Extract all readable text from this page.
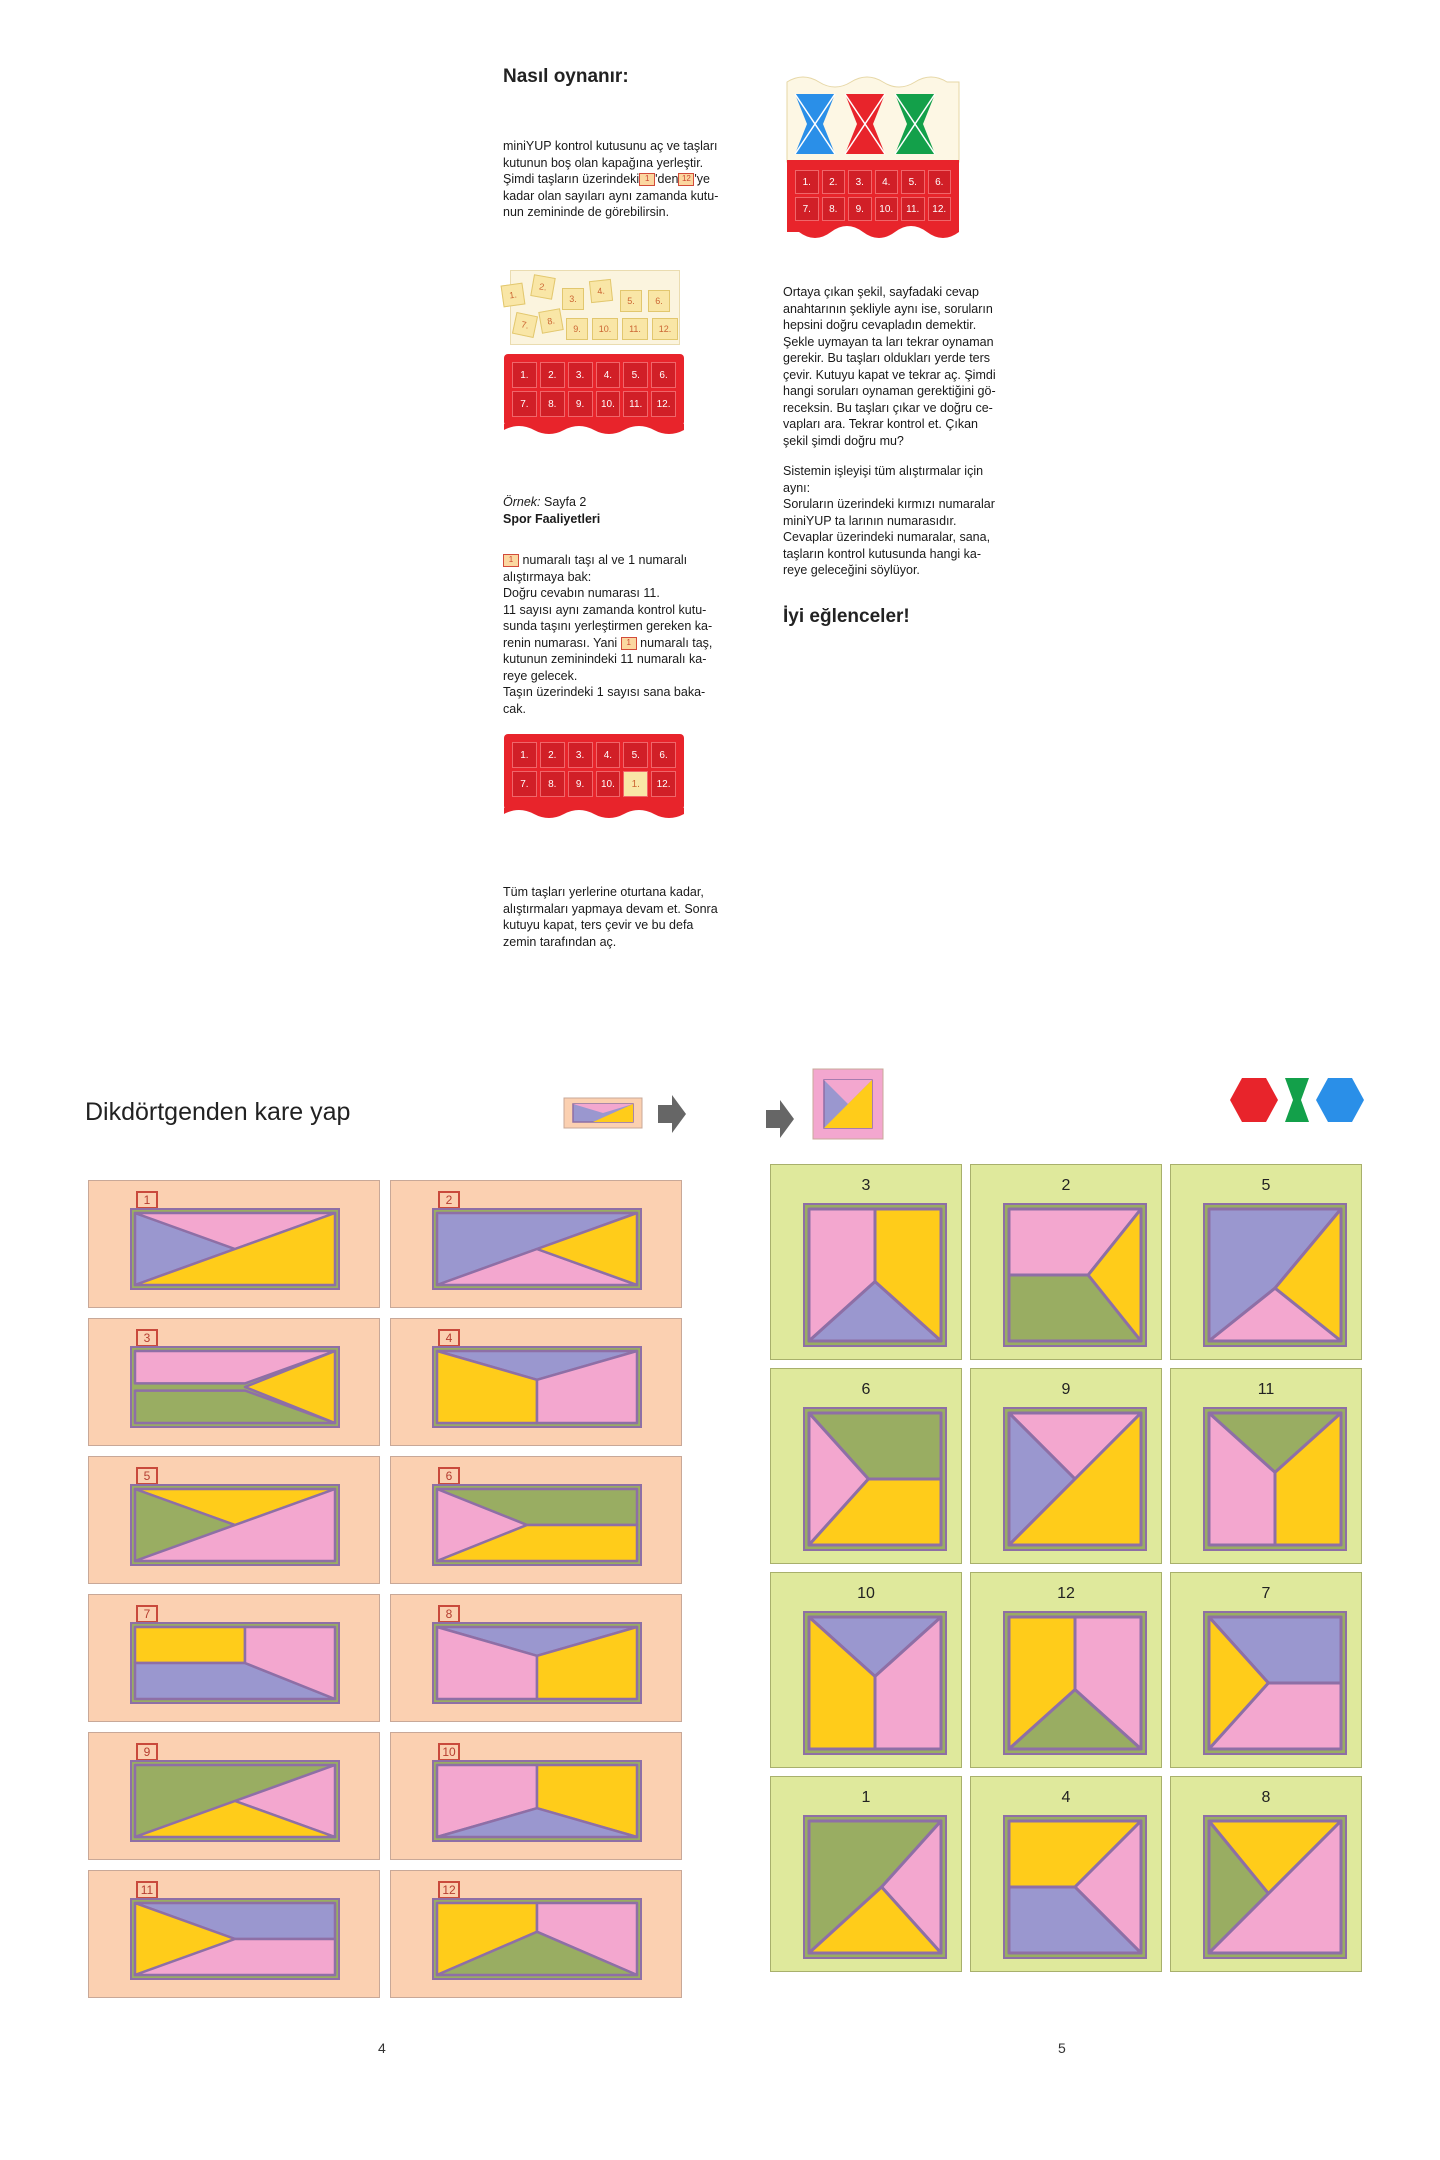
Nasıl oynanır:
miniYUP kontrol kutusunu aç ve taşları
kutunun boş olan kapağına yerleştir.
Şimdi taşların üzerindeki 1 'den 12 'ye
kadar olan sayıları aynı zamanda kutu-
nun zemininde de görebilirsin.
1.	2.	3.	4.	5.	6.
7.	8.	9.	10.	11.	12.
1.
2.
3.
4.
5.	6.
7.	8.
9.	10.	11.	12.
1.	2.	3.	4.	5.	6.
7.	8.	9.	10.	11.	12.

Ortaya çıkan şekil, sayfadaki cevap
anahtarının şekliyle aynı ise, soruların
hepsini doğru cevapladın demektir.
Şekle uymayan ta ları tekrar oynaman
gerekir. Bu taşları oldukları yerde ters
çevir. Kutuyu kapat ve tekrar aç. Şimdi
hangi soruları oynaman gerektiğini gö-
receksin. Bu taşları çıkar ve doğru ce-
vapları ara. Tekrar kontrol et. Çıkan
şekil şimdi doğru mu?

Sistemin işleyişi tüm alıştırmalar için
aynı:
Soruların üzerindeki kırmızı numaralar
miniYUP ta larının numarasıdır.
Cevaplar üzerindeki numaralar, sana,
taşların kontrol kutusunda hangi ka-
reye geleceğini söylüyor.

İyi eğlenceler!
Örnek: Sayfa 2
Spor Faaliyetleri
1 numaralı taşı al ve 1 numaralı
alıştırmaya bak:
Doğru cevabın numarası 11.
11 sayısı aynı zamanda kontrol kutu-
sunda taşını yerleştirmen gereken ka-
renin numarası. Yani 1 numaralı taş,
kutunun zeminindeki 11 numaralı ka-
reye gelecek.
Taşın üzerindeki 1 sayısı sana baka-
cak.
1.	2.	3.	4.	5.	6.
7.	8.	9.	10.	1.	12.

Tüm taşları yerlerine oturtana kadar,
alıştırmaları yapmaya devam et. Sonra
kutuyu kapat, ters çevir ve bu defa
zemin tarafından aç.

Dikdörtgenden kare yap
1	2
3	4
5	6
7	8
9	10
11	12
3	2	5
6	9	11
10	12	7
1	4	8
4	5
